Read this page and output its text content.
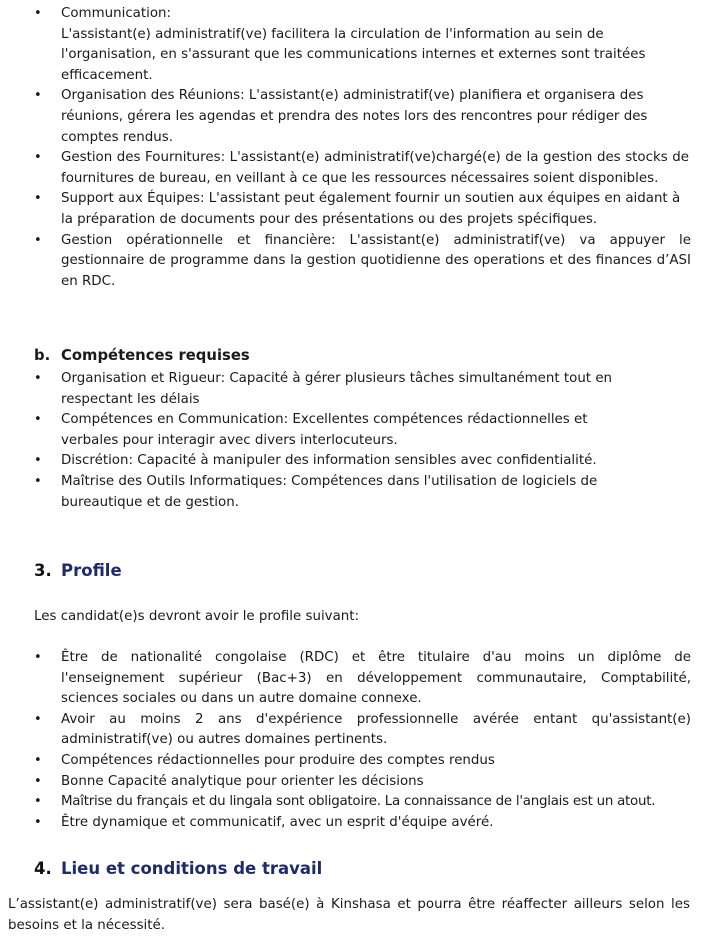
• Communication:
L'assistant(e) administratif(ve) facilitera la circulation de l'information au sein de l'organisation, en s'assurant que les communications internes et externes sont traitées efficacement.
• Organisation des Réunions: L'assistant(e) administratif(ve) planifiera et organisera des réunions, gérera les agendas et prendra des notes lors des rencontres pour rédiger des comptes rendus.
• Gestion des Fournitures: L'assistant(e) administratif(ve)chargé(e) de la gestion des stocks de fournitures de bureau, en veillant à ce que les ressources nécessaires soient disponibles.
• Support aux Équipes: L'assistant peut également fournir un soutien aux équipes en aidant à la préparation de documents pour des présentations ou des projets spécifiques.
• Gestion opérationnelle et financière: L'assistant(e) administratif(ve) va appuyer le gestionnaire de programme dans la gestion quotidienne des operations et des finances d’ASI en RDC.
b. Compétences requises
• Organisation et Rigueur: Capacité à gérer plusieurs tâches simultanément tout en respectant les délais
• Compétences en Communication: Excellentes compétences rédactionnelles et verbales pour interagir avec divers interlocuteurs.
• Discrétion: Capacité à manipuler des information sensibles avec confidentialité.
• Maîtrise des Outils Informatiques: Compétences dans l'utilisation de logiciels de bureautique et de gestion.
3. Profile
Les candidat(e)s devront avoir le profile suivant:
• Être de nationalité congolaise (RDC) et être titulaire d'au moins un diplôme de l'enseignement supérieur (Bac+3) en développement communautaire, Comptabilité, sciences sociales ou dans un autre domaine connexe.
• Avoir au moins 2 ans d'expérience professionnelle avérée entant qu'assistant(e) administratif(ve) ou autres domaines pertinents.
• Compétences rédactionnelles pour produire des comptes rendus
• Bonne Capacité analytique pour orienter les décisions
• Maîtrise du français et du lingala sont obligatoire. La connaissance de l'anglais est un atout.
• Être dynamique et communicatif, avec un esprit d'équipe avéré.
4. Lieu et conditions de travail
L’assistant(e) administratif(ve) sera basé(e) à Kinshasa et pourra être réaffecter ailleurs selon les besoins et la nécessité.
